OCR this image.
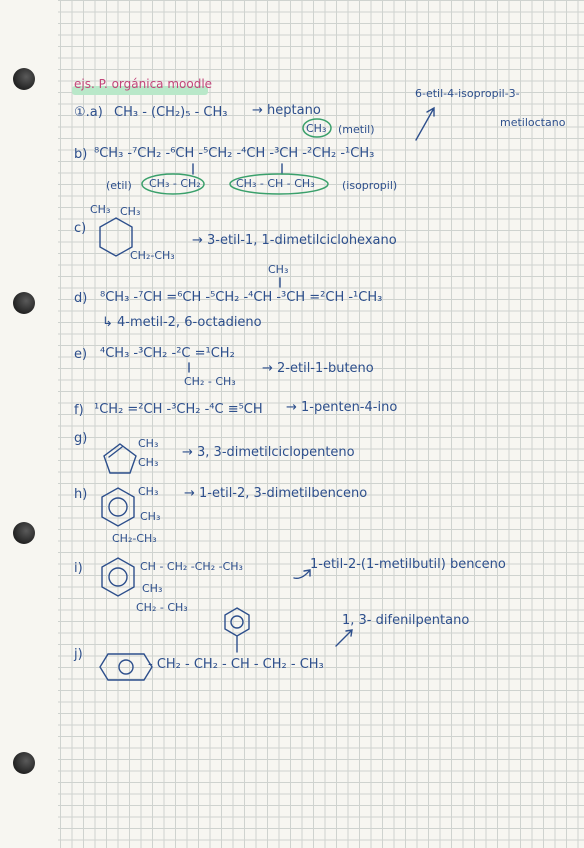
ejs. P. orgánica moodle
①.a) CH₃ - (CH₂)₅ - CH₃ → heptano
CH₃ (metil)
6-etil-4-isopropil-3-
metiloctano
b) ⁸CH₃ -⁷CH₂ -⁶CH -⁵CH₂ -⁴CH -³CH -²CH₂ -¹CH₃
(etil) CH₃ - CH₂	CH₃ - CH - CH₃ (isopropil)
c)
CH₃ CH₃
CH₂-CH₃
→ 3-etil-1, 1-dimetilciclohexano
CH₃
d) ⁸CH₃ -⁷CH =⁶CH -⁵CH₂ -⁴CH -³CH =²CH -¹CH₃
↳ 4-metil-2, 6-octadieno
e) ⁴CH₃ -³CH₂ -²C =¹CH₂
CH₂ - CH₃
→ 2-etil-1-buteno
f) ¹CH₂ =²CH -³CH₂ -⁴C ≡⁵CH → 1-penten-4-ino
g)	CH₃
CH₃
→ 3, 3-dimetilciclopenteno
h)	CH₃
CH₃
CH₂-CH₃
→ 1-etil-2, 3-dimetilbenceno
i)	CH - CH₂ -CH₂ -CH₃
CH₃
CH₂ - CH₃
1-etil-2-(1-metilbutil) benceno
j)
- CH₂ - CH₂ - CH - CH₂ - CH₃
1, 3- difenilpentano
